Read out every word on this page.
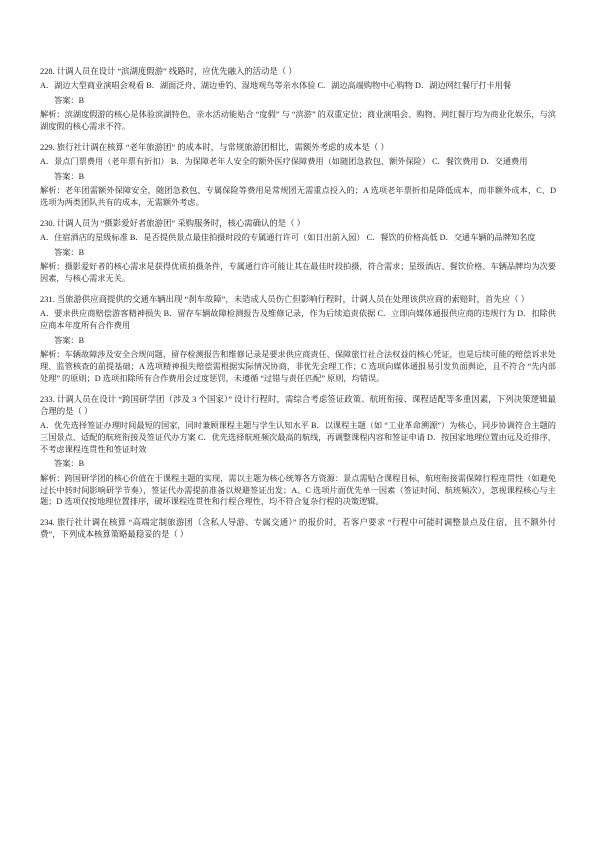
228. 计调人员在设计 “滨湖度假游” 线路时，应优先融入的活动是（ ）

A．湖边大型商业演唱会观看 B．湖面泛舟、湖边垂钓、湿地观鸟等亲水体验 C．湖边高端购物中心购物 D．湖边网红餐厅打卡用餐

答案：B

解析：滨湖度假游的核心是体验滨湖特色，亲水活动能贴合 “度假” 与 “滨游” 的双重定位；商业演唱会、购物、网红餐厅均为商业化娱乐，与滨湖度假的核心需求不符。

229. 旅行社计调在核算 “老年旅游团” 的成本时，与常规旅游团相比，需额外考虑的成本是（ ）

A．景点门票费用（老年票有折扣） B．为保障老年人安全的额外医疗保障费用（如随团急救包、额外保险） C．餐饮费用 D．交通费用

答案：B

解析：老年团需额外保障安全，随团急救包、专属保险等费用是常规团无需重点投入的；A 选项老年票折扣是降低成本，而非额外成本，C、D 选项为两类团队共有的成本，无需额外考虑。

230. 计调人员为 “摄影爱好者旅游团” 采购服务时，核心需确认的是（ ）

A．住宿酒店的星级标准 B．是否提供景点最佳拍摄时段的专属通行许可（如日出前入园） C．餐饮的价格高低 D．交通车辆的品牌知名度

答案：B

解析：摄影爱好者的核心需求是获得优质拍摄条件，专属通行许可能让其在最佳时段拍摄，符合需求；星级酒店、餐饮价格、车辆品牌均为次要因素，与核心需求无关。

231. 当旅游供应商提供的交通车辆出现 “刹车故障”，未造成人员伤亡但影响行程时，计调人员在处理该供应商的索赔时，首先应（ ）

A．要求供应商赔偿游客精神损失 B．留存车辆故障检测报告及维修记录，作为后续追责依据 C．立即向媒体通报供应商的违规行为 D．扣除供应商本年度所有合作费用

答案：B

解析：车辆故障涉及安全合规问题，留存检测报告和维修记录是要求供应商责任、保障旅行社合法权益的核心凭证，也是后续可能的赔偿诉求处理、监管核查的前提基础；A 选项精神损失赔偿需根据实际情况协商，非优先会理工作；C 选项向媒体通报易引发负面舆论，且不符合 “先内部处理” 的原则；D 选项扣除所有合作费用会过度惩罚，未遵循 “过错与责任匹配” 原则，均错误。

233. 计调人员在设计 “跨国研学团（涉及 3 个国家）” 设计行程时，需综合考虑签证政策、航班衔接、课程适配等多重因素，下列决策逻辑最合理的是（ ）

A．优先选择签证办理时间最短的国家，同时兼顾课程主题与学生认知水平 B．以课程主题（如 “工业革命溯源”）为核心，同步协调符合主题的三国景点、适配的航班衔接及签证代办方案 C．优先选择航班频次最高的航线，再调整课程内容和签证申请 D．按国家地理位置由远及近排序，不考虑课程连贯性和签证时效

答案：B

解析：跨国研学团的核心价值在于课程主题的实现，需以主题为核心统筹各方资源：景点需贴合课程目标，航班衔接需保障行程连贯性（如避免过长中转时间影响研学节奏），签证代办需提前准备以规避签证出发；A、C 选项片面优先单一因素（签证时间、航班频次），忽视课程核心与主题；D 选项仅按地理位置排序，破坏课程连贯性和行程合理性，均不符合复杂行程的决策逻辑。

234. 旅行社计调在核算 “高端定制旅游团（含私人导游、专属交通）” 的报价时，若客户要求 “行程中可能时调整景点及住宿，且不额外付费”，下列成本核算策略最稳妥的是（ ）
